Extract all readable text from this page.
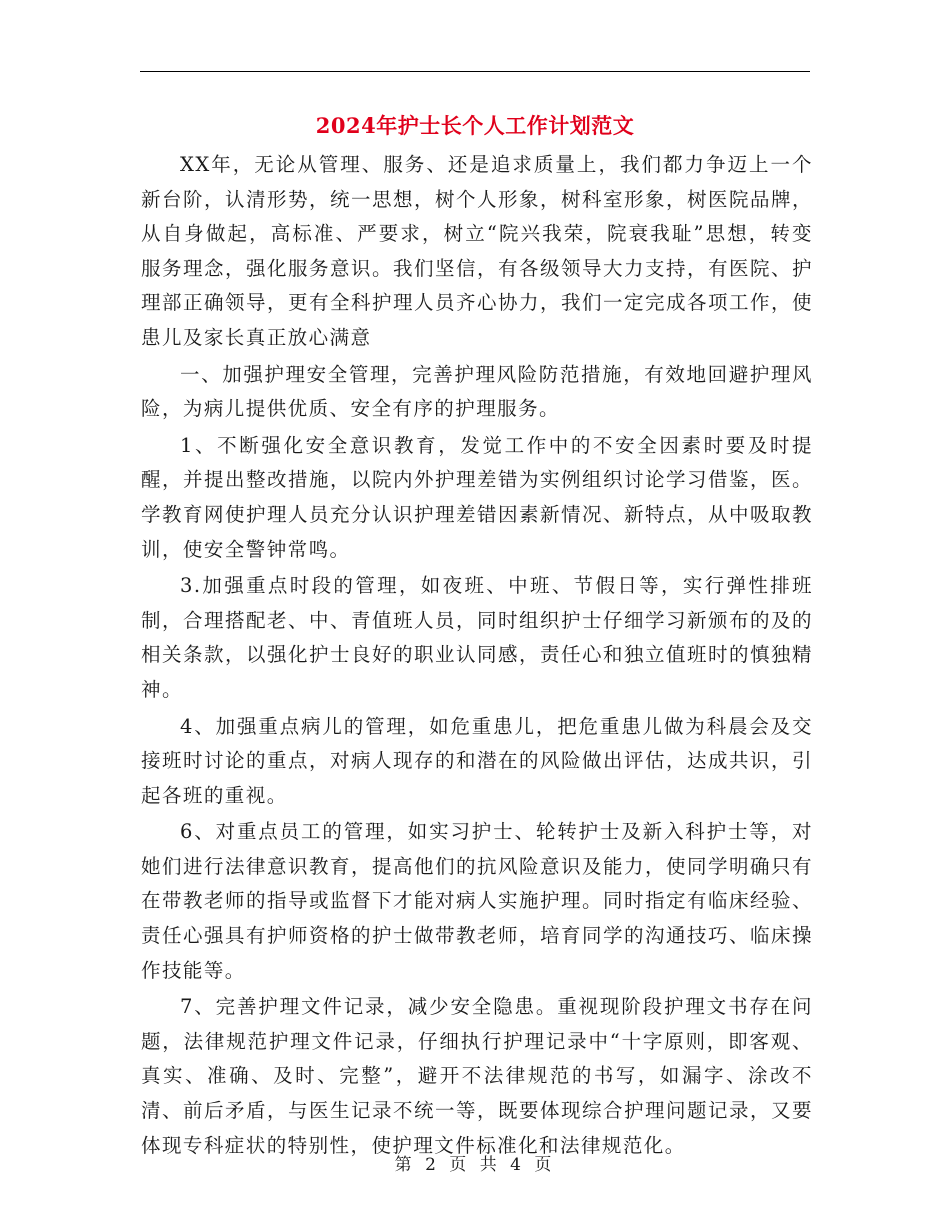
2024年护士长个人工作计划范文

XX年，无论从管理、服务、还是追求质量上，我们都力争迈上一个新台阶，认清形势，统一思想，树个人形象，树科室形象，树医院品牌，从自身做起，高标准、严要求，树立“院兴我荣，院衰我耻”思想，转变服务理念，强化服务意识。我们坚信，有各级领导大力支持，有医院、护理部正确领导，更有全科护理人员齐心协力，我们一定完成各项工作，使患儿及家长真正放心满意

一、加强护理安全管理，完善护理风险防范措施，有效地回避护理风险，为病儿提供优质、安全有序的护理服务。

1、不断强化安全意识教育，发觉工作中的不安全因素时要及时提醒，并提出整改措施，以院内外护理差错为实例组织讨论学习借鉴，医。学教育网使护理人员充分认识护理差错因素新情况、新特点，从中吸取教训，使安全警钟常鸣。

3.加强重点时段的管理，如夜班、中班、节假日等，实行弹性排班制，合理搭配老、中、青值班人员，同时组织护士仔细学习新颁布的及的相关条款，以强化护士良好的职业认同感，责任心和独立值班时的慎独精神。

4、加强重点病儿的管理，如危重患儿，把危重患儿做为科晨会及交接班时讨论的重点，对病人现存的和潜在的风险做出评估，达成共识，引起各班的重视。

6、对重点员工的管理，如实习护士、轮转护士及新入科护士等，对她们进行法律意识教育，提高他们的抗风险意识及能力，使同学明确只有在带教老师的指导或监督下才能对病人实施护理。同时指定有临床经验、责任心强具有护师资格的护士做带教老师，培育同学的沟通技巧、临床操作技能等。

7、完善护理文件记录，减少安全隐患。重视现阶段护理文书存在问题，法律规范护理文件记录，仔细执行护理记录中“十字原则，即客观、真实、准确、及时、完整”，避开不法律规范的书写，如漏字、涂改不清、前后矛盾，与医生记录不统一等，既要体现综合护理问题记录，又要体现专科症状的特别性，使护理文件标准化和法律规范化。

第 2 页 共 4 页
